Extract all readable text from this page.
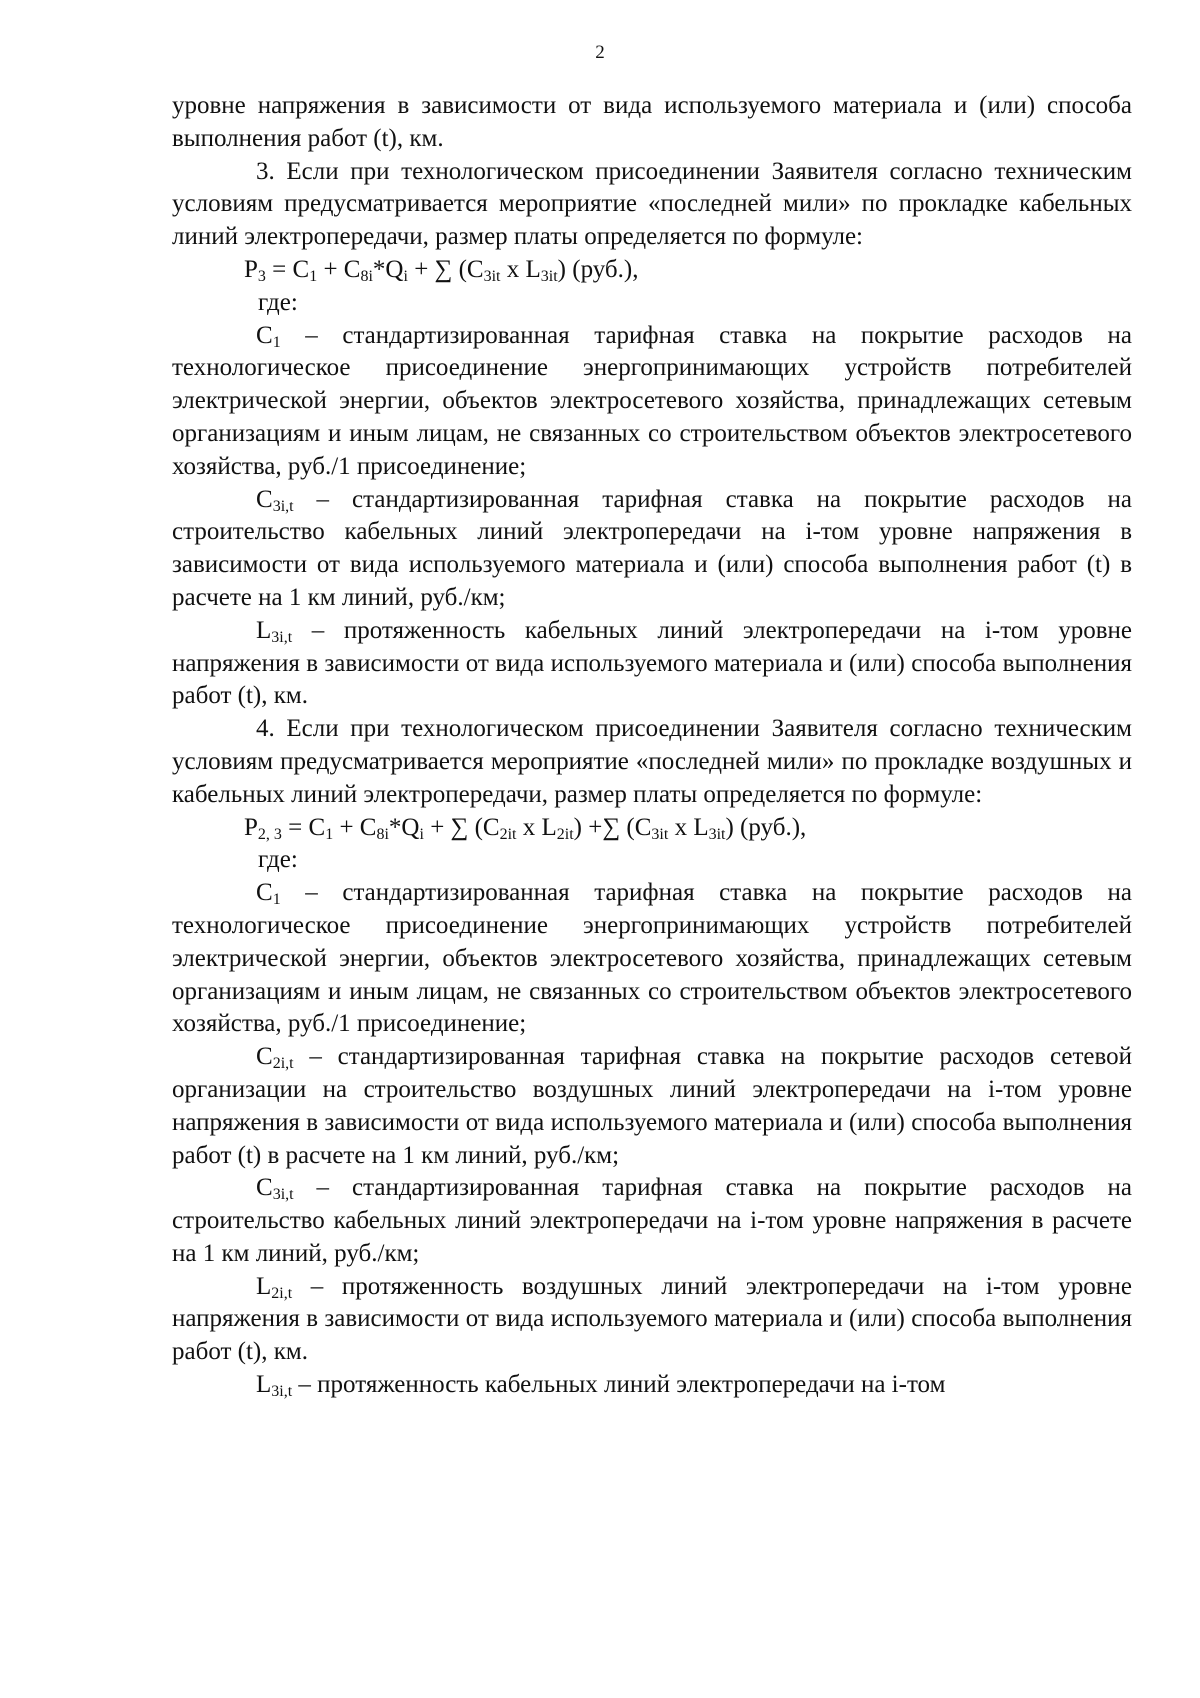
2

уровне напряжения в зависимости от вида используемого материала и (или) способа выполнения работ (t), км.

3. Если при технологическом присоединении Заявителя согласно техническим условиям предусматривается мероприятие «последней мили» по прокладке кабельных линий электропередачи, размер платы определяется по формуле:

$Р_3 = С_1 + С_{8i}*Q_i$ + ∑ ($С_{3it}$ x $L_{3it}$) (руб.),

где:

$С_1$ – стандартизированная тарифная ставка на покрытие расходов на технологическое присоединение энергопринимающих устройств потребителей электрической энергии, объектов электросетевого хозяйства, принадлежащих сетевым организациям и иным лицам, не связанных со строительством объектов электросетевого хозяйства, руб./1 присоединение;

$С_{3i,t}$ – стандартизированная тарифная ставка на покрытие расходов на строительство кабельных линий электропередачи на i-том уровне напряжения в зависимости от вида используемого материала и (или) способа выполнения работ (t) в расчете на 1 км линий, руб./км;

$L_{3i,t}$ – протяженность кабельных линий электропередачи на i-том уровне напряжения в зависимости от вида используемого материала и (или) способа выполнения работ (t), км.

4. Если при технологическом присоединении Заявителя согласно техническим условиям предусматривается мероприятие «последней мили» по прокладке воздушных и кабельных линий электропередачи, размер платы определяется по формуле:

$Р_{2, 3} = С_1 + С_{8i}*Q_i$ + ∑ ($С_{2it}$ x $L_{2it}$) +∑ ($С_{3it}$ x $L_{3it}$) (руб.),

где:

$С_1$ – стандартизированная тарифная ставка на покрытие расходов на технологическое присоединение энергопринимающих устройств потребителей электрической энергии, объектов электросетевого хозяйства, принадлежащих сетевым организациям и иным лицам, не связанных со строительством объектов электросетевого хозяйства, руб./1 присоединение;

$С_{2i,t}$ – стандартизированная тарифная ставка на покрытие расходов сетевой организации на строительство воздушных линий электропередачи на i-том уровне напряжения в зависимости от вида используемого материала и (или) способа выполнения работ (t) в расчете на 1 км линий, руб./км;

$С_{3i,t}$ – стандартизированная тарифная ставка на покрытие расходов на строительство кабельных линий электропередачи на i-том уровне напряжения в расчете на 1 км линий, руб./км;

$L_{2i,t}$ – протяженность воздушных линий электропередачи на i-том уровне напряжения в зависимости от вида используемого материала и (или) способа выполнения работ (t), км.

$L_{3i,t}$ – протяженность кабельных линий электропередачи на i-том
